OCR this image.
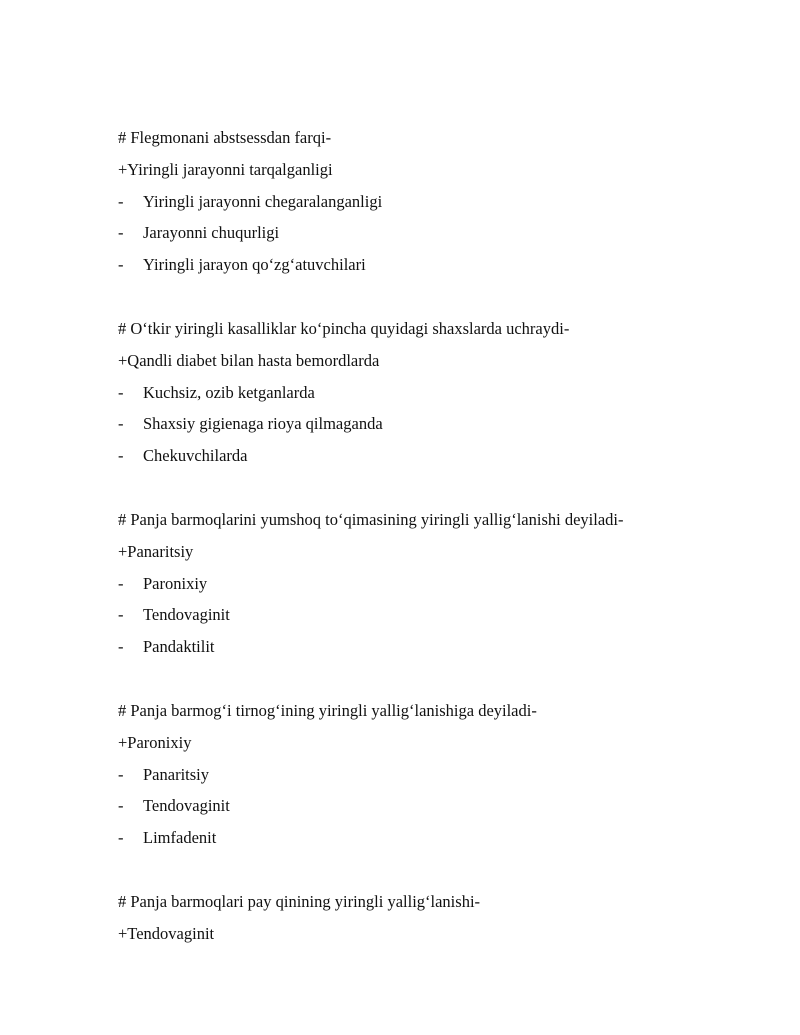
# Flegmonani abstsessdan farqi-
+Yiringli jarayonni tarqalganligi
-	Yiringli jarayonni chegaralanganligi
-	Jarayonni chuqurligi
-	Yiringli jarayon qo‘zg‘atuvchilari
# O‘tkir yiringli kasalliklar ko‘pincha quyidagi shaxslarda uchraydi-
+Qandli diabet bilan hasta bemordlarda
-	Kuchsiz, ozib ketganlarda
-	Shaxsiy gigienaga rioya qilmaganda
-	Chekuvchilarda
# Panja barmoqlarini yumshoq to‘qimasining yiringli yallig‘lanishi deyiladi-
+Panaritsiy
-	Paronixiy
-	Tendovaginit
-	Pandaktilit
# Panja barmog‘i tirnog‘ining yiringli yallig‘lanishiga deyiladi-
+Paronixiy
-	Panaritsiy
-	Tendovaginit
-	Limfadenit
# Panja barmoqlari pay qinining yiringli yallig‘lanishi-
+Tendovaginit
